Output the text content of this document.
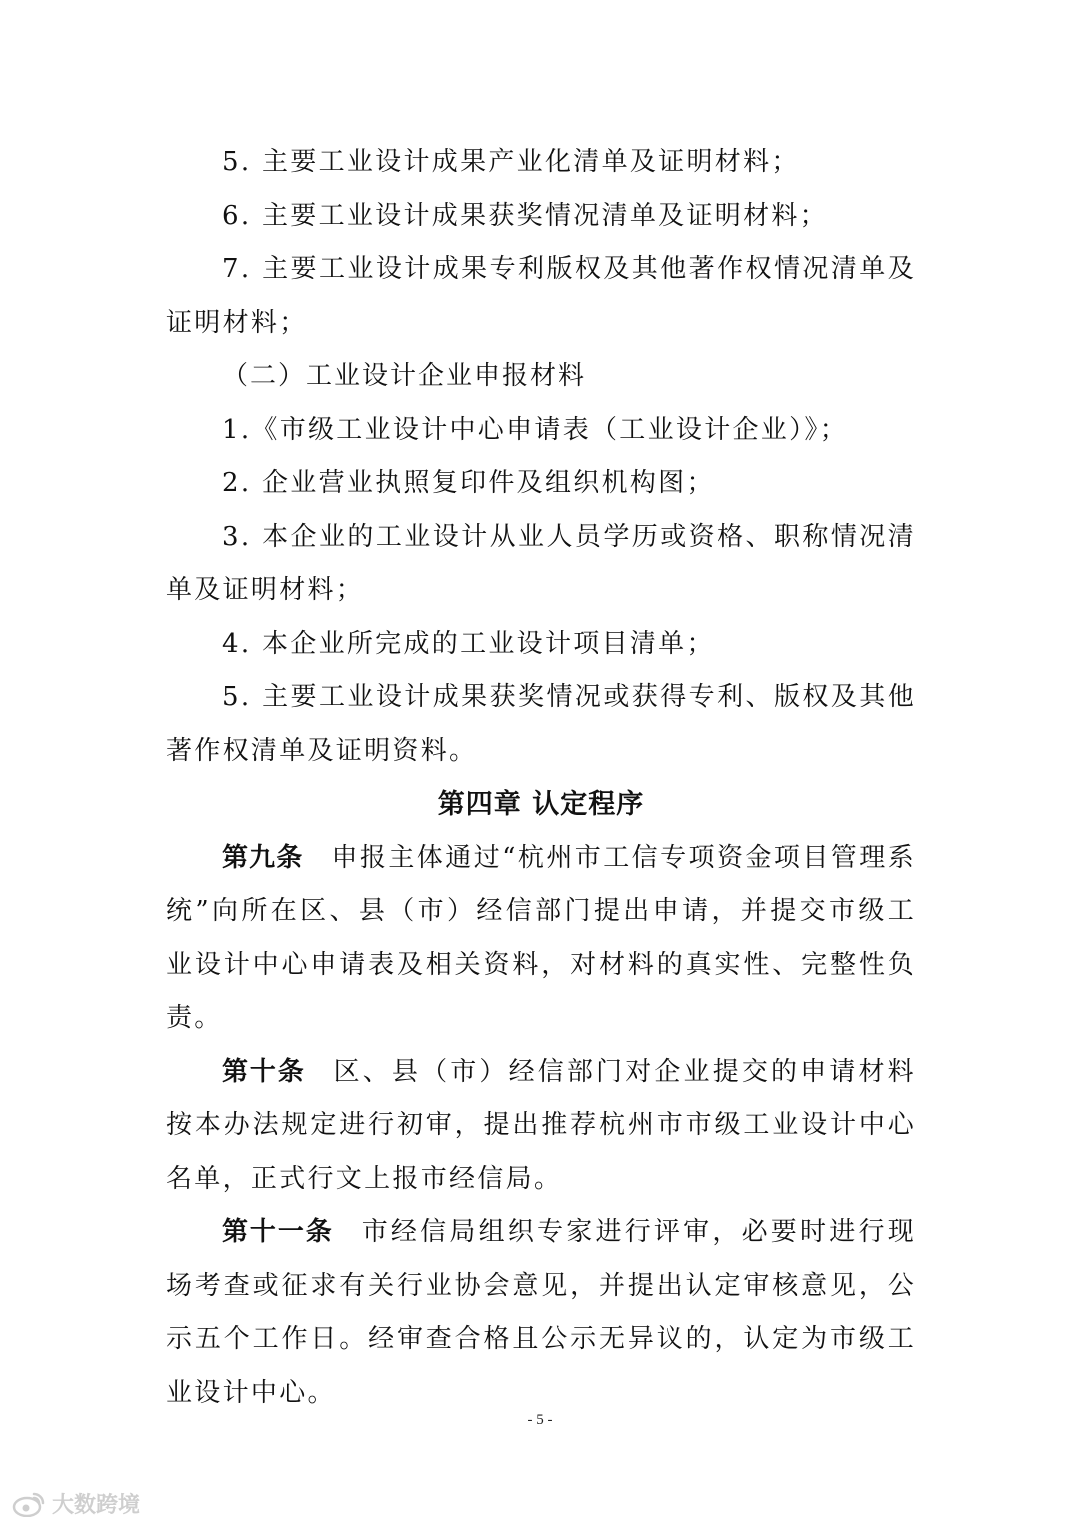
5. 主要工业设计成果产业化清单及证明材料；

6. 主要工业设计成果获奖情况清单及证明材料；

7. 主要工业设计成果专利版权及其他著作权情况清单及证明材料；

（二）工业设计企业申报材料

1.《市级工业设计中心申请表（工业设计企业）》；

2. 企业营业执照复印件及组织机构图；

3. 本企业的工业设计从业人员学历或资格、职称情况清单及证明材料；

4. 本企业所完成的工业设计项目清单；

5. 主要工业设计成果获奖情况或获得专利、版权及其他著作权清单及证明资料。

第四章 认定程序

第九条 申报主体通过“杭州市工信专项资金项目管理系统”向所在区、县（市）经信部门提出申请，并提交市级工业设计中心申请表及相关资料，对材料的真实性、完整性负责。

第十条 区、县（市）经信部门对企业提交的申请材料按本办法规定进行初审，提出推荐杭州市市级工业设计中心名单，正式行文上报市经信局。

第十一条 市经信局组织专家进行评审，必要时进行现场考查或征求有关行业协会意见，并提出认定审核意见，公示五个工作日。经审查合格且公示无异议的，认定为市级工业设计中心。

- 5 -
大数跨境
